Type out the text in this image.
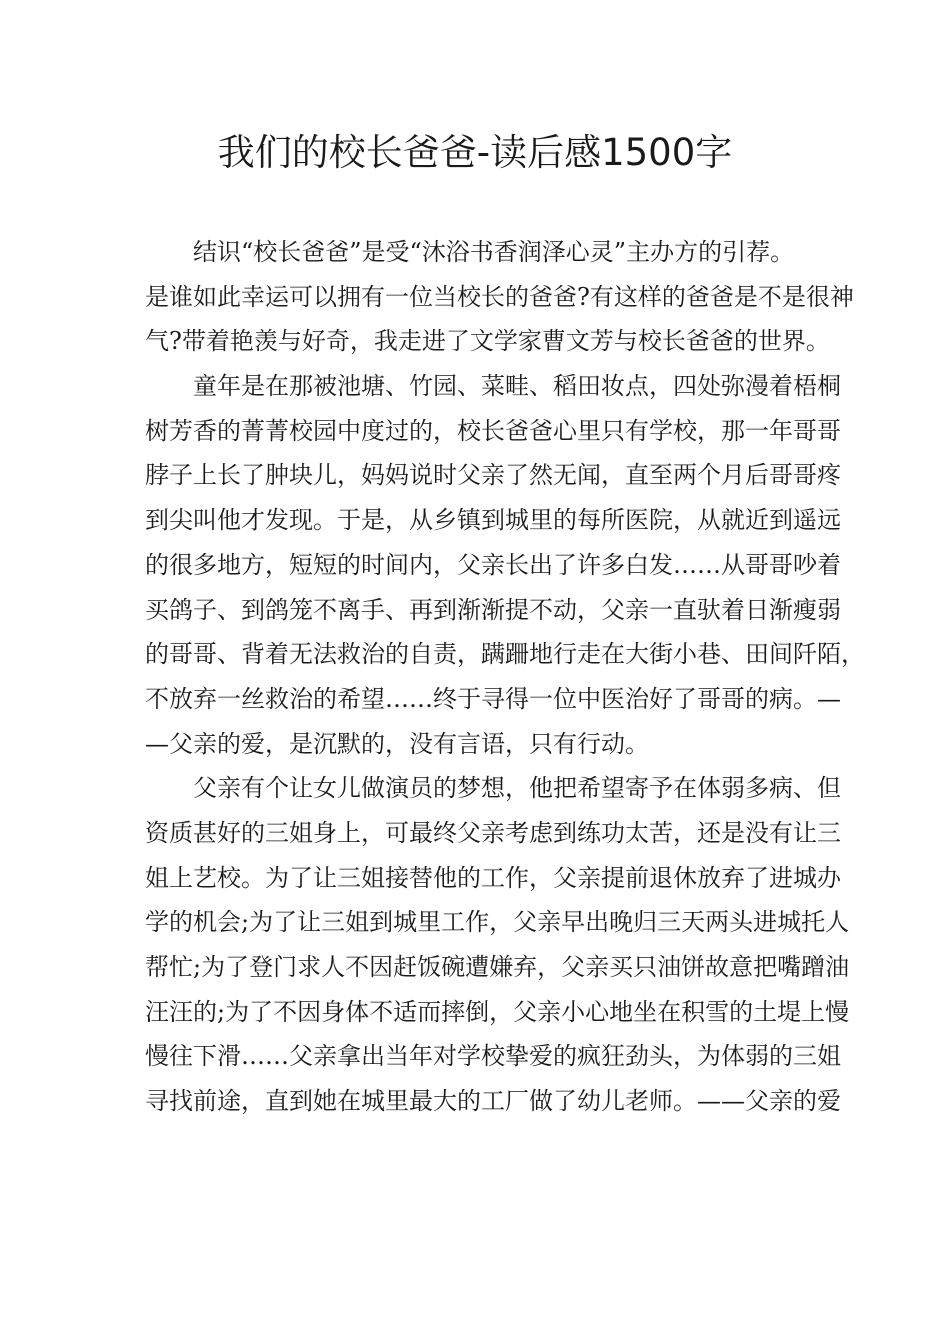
我们的校长爸爸-读后感1500字

结识“校长爸爸”是受“沐浴书香润泽心灵”主办方的引荐。

是谁如此幸运可以拥有一位当校长的爸爸?有这样的爸爸是不是很神

气?带着艳羡与好奇，我走进了文学家曹文芳与校长爸爸的世界。

童年是在那被池塘、竹园、菜畦、稻田妆点，四处弥漫着梧桐

树芳香的菁菁校园中度过的，校长爸爸心里只有学校，那一年哥哥

脖子上长了肿块儿，妈妈说时父亲了然无闻，直至两个月后哥哥疼

到尖叫他才发现。于是，从乡镇到城里的每所医院，从就近到遥远

的很多地方，短短的时间内，父亲长出了许多白发……从哥哥吵着

买鸽子、到鸽笼不离手、再到渐渐提不动，父亲一直驮着日渐瘦弱

的哥哥、背着无法救治的自责，蹒跚地行走在大街小巷、田间阡陌，

不放弃一丝救治的希望……终于寻得一位中医治好了哥哥的病。—

—父亲的爱，是沉默的，没有言语，只有行动。

父亲有个让女儿做演员的梦想，他把希望寄予在体弱多病、但

资质甚好的三姐身上，可最终父亲考虑到练功太苦，还是没有让三

姐上艺校。为了让三姐接替他的工作，父亲提前退休放弃了进城办

学的机会;为了让三姐到城里工作，父亲早出晚归三天两头进城托人

帮忙;为了登门求人不因赶饭碗遭嫌弃，父亲买只油饼故意把嘴蹭油

汪汪的;为了不因身体不适而摔倒，父亲小心地坐在积雪的土堤上慢

慢往下滑……父亲拿出当年对学校挚爱的疯狂劲头，为体弱的三姐

寻找前途，直到她在城里最大的工厂做了幼儿老师。——父亲的爱
